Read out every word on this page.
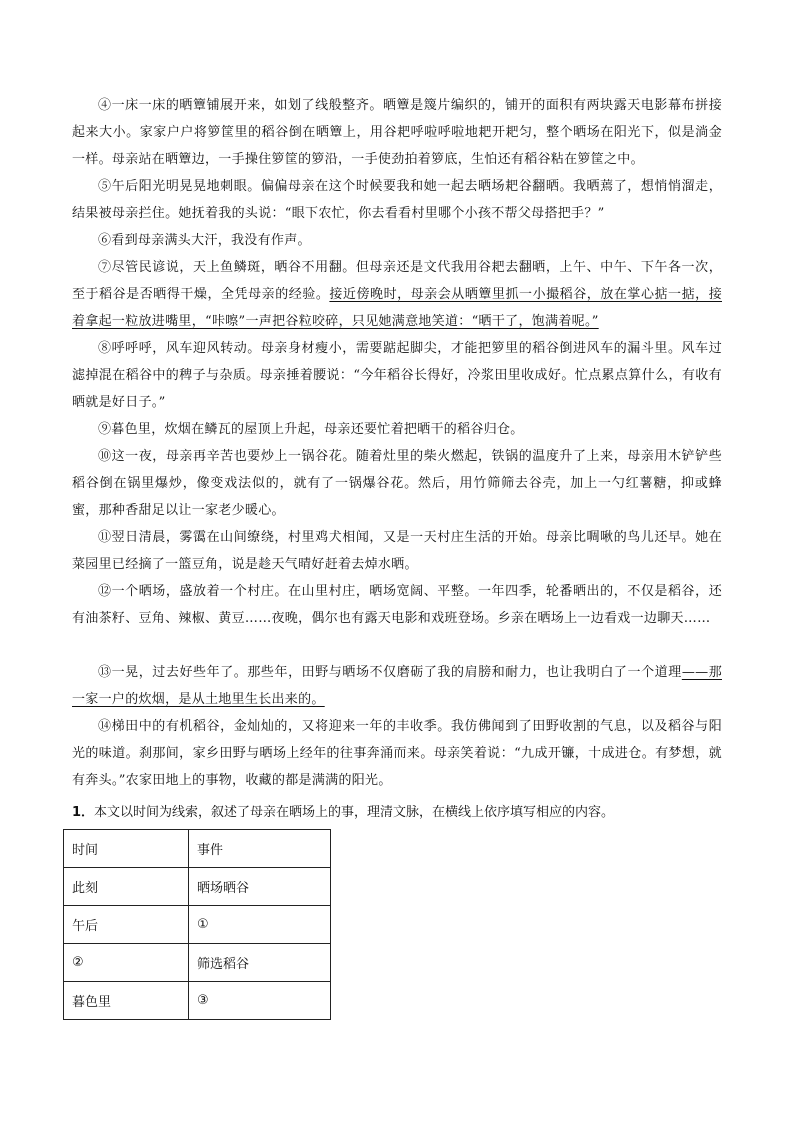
④一床一床的晒簟铺展开来，如划了线般整齐。晒簟是篾片编织的，铺开的面积有两块露天电影幕布拼接起来大小。家家户户将箩筐里的稻谷倒在晒簟上，用谷耙呼啦呼啦地耙开耙匀，整个晒场在阳光下，似是淌金一样。母亲站在晒簟边，一手操住箩筐的箩沿，一手使劲拍着箩底，生怕还有稻谷粘在箩筐之中。

⑤午后阳光明晃晃地刺眼。偏偏母亲在这个时候要我和她一起去晒场耙谷翻晒。我晒蔫了，想悄悄溜走，结果被母亲拦住。她抚着我的头说：“眼下农忙，你去看看村里哪个小孩不帮父母搭把手？”

⑥看到母亲满头大汗，我没有作声。

⑦尽管民谚说，天上鱼鳞斑，晒谷不用翻。但母亲还是文代我用谷耙去翻晒，上午、中午、下午各一次，至于稻谷是否晒得干燥，全凭母亲的经验。接近傍晚时，母亲会从晒簟里抓一小撮稻谷，放在掌心掂一掂，接着拿起一粒放进嘴里，“咔嚓”一声把谷粒咬碎，只见她满意地笑道：“晒干了，饱满着呢。”

⑧呼呼呼，风车迎风转动。母亲身材瘦小，需要踮起脚尖，才能把箩里的稻谷倒进风车的漏斗里。风车过滤掉混在稻谷中的稗子与杂质。母亲捶着腰说：“今年稻谷长得好，冷浆田里收成好。忙点累点算什么，有收有晒就是好日子。”

⑨暮色里，炊烟在鳞瓦的屋顶上升起，母亲还要忙着把晒干的稻谷归仓。

⑩这一夜，母亲再辛苦也要炒上一锅谷花。随着灶里的柴火燃起，铁锅的温度升了上来，母亲用木铲铲些稻谷倒在锅里爆炒，像变戏法似的，就有了一锅爆谷花。然后，用竹筛筛去谷壳，加上一勺红薯糖，抑或蜂蜜，那种香甜足以让一家老少暖心。

⑪翌日清晨，雾霭在山间缭绕，村里鸡犬相闻，又是一天村庄生活的开始。母亲比啁啾的鸟儿还早。她在菜园里已经摘了一篮豆角，说是趁天气晴好赶着去焯水晒。

⑫一个晒场，盛放着一个村庄。在山里村庄，晒场宽阔、平整。一年四季，轮番晒出的，不仅是稻谷，还有油茶籽、豆角、辣椒、黄豆……夜晚，偶尔也有露天电影和戏班登场。乡亲在晒场上一边看戏一边聊天……

⑬一晃，过去好些年了。那些年，田野与晒场不仅磨砺了我的肩膀和耐力，也让我明白了一个道理——那一家一户的炊烟，是从土地里生长出来的。

⑭梯田中的有机稻谷，金灿灿的，又将迎来一年的丰收季。我仿佛闻到了田野收割的气息，以及稻谷与阳光的味道。刹那间，家乡田野与晒场上经年的往事奔涌而来。母亲笑着说：“九成开镰，十成进仓。有梦想，就有奔头。”农家田地上的事物，收藏的都是满满的阳光。

1．本文以时间为线索，叙述了母亲在晒场上的事，理清文脉，在横线上依序填写相应的内容。

时间	事件
此刻	晒场晒谷
午后	①
②	筛选稻谷
暮色里	③
